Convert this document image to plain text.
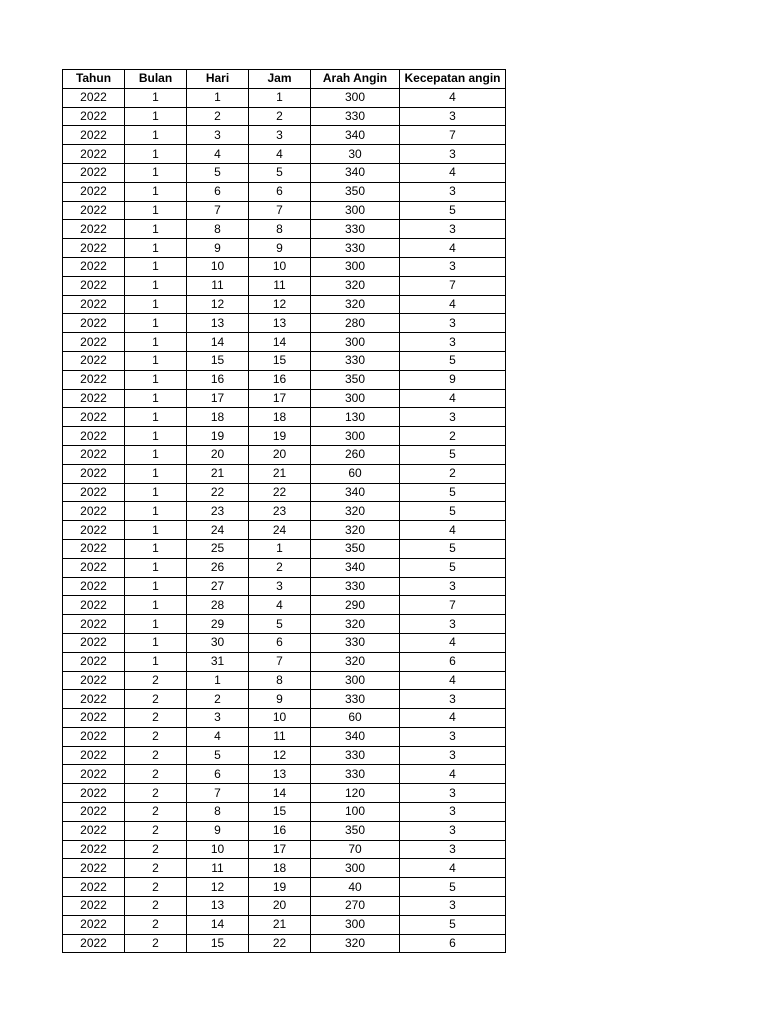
Tahun	Bulan	Hari	Jam	Arah Angin	Kecepatan angin
2022	1	1	1	300	4
2022	1	2	2	330	3
2022	1	3	3	340	7
2022	1	4	4	30	3
2022	1	5	5	340	4
2022	1	6	6	350	3
2022	1	7	7	300	5
2022	1	8	8	330	3
2022	1	9	9	330	4
2022	1	10	10	300	3
2022	1	11	11	320	7
2022	1	12	12	320	4
2022	1	13	13	280	3
2022	1	14	14	300	3
2022	1	15	15	330	5
2022	1	16	16	350	9
2022	1	17	17	300	4
2022	1	18	18	130	3
2022	1	19	19	300	2
2022	1	20	20	260	5
2022	1	21	21	60	2
2022	1	22	22	340	5
2022	1	23	23	320	5
2022	1	24	24	320	4
2022	1	25	1	350	5
2022	1	26	2	340	5
2022	1	27	3	330	3
2022	1	28	4	290	7
2022	1	29	5	320	3
2022	1	30	6	330	4
2022	1	31	7	320	6
2022	2	1	8	300	4
2022	2	2	9	330	3
2022	2	3	10	60	4
2022	2	4	11	340	3
2022	2	5	12	330	3
2022	2	6	13	330	4
2022	2	7	14	120	3
2022	2	8	15	100	3
2022	2	9	16	350	3
2022	2	10	17	70	3
2022	2	11	18	300	4
2022	2	12	19	40	5
2022	2	13	20	270	3
2022	2	14	21	300	5
2022	2	15	22	320	6
